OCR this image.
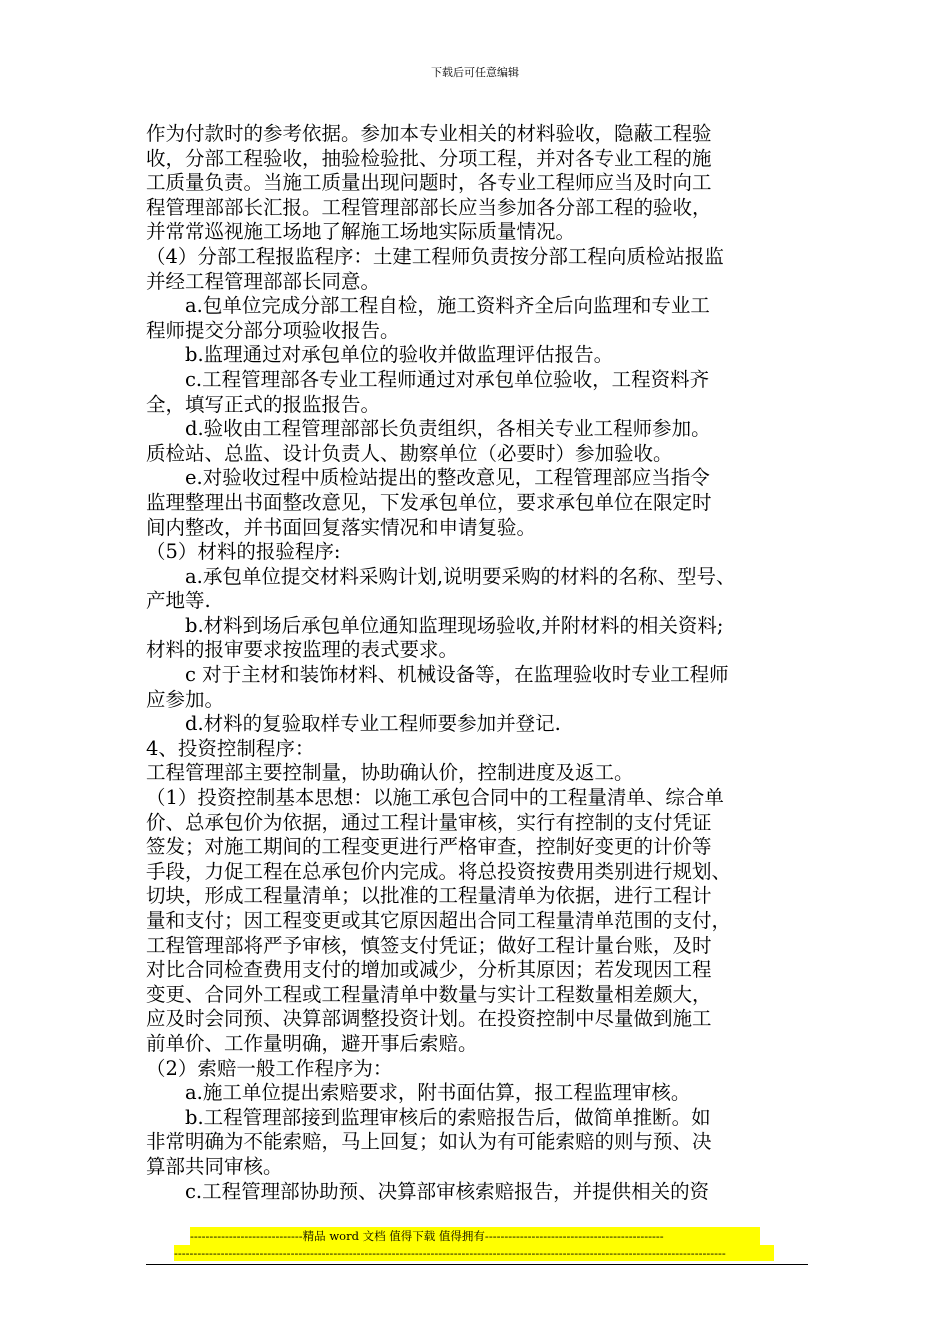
下载后可任意编辑

作为付款时的参考依据。参加本专业相关的材料验收，隐蔽工程验

收，分部工程验收，抽验检验批、分项工程，并对各专业工程的施

工质量负责。当施工质量出现问题时，各专业工程师应当及时向工

程管理部部长汇报。工程管理部部长应当参加各分部工程的验收，

并常常巡视施工场地了解施工场地实际质量情况。

（4）分部工程报监程序：土建工程师负责按分部工程向质检站报监

并经工程管理部部长同意。

a.包单位完成分部工程自检，施工资料齐全后向监理和专业工

程师提交分部分项验收报告。

b.监理通过对承包单位的验收并做监理评估报告。

c.工程管理部各专业工程师通过对承包单位验收，工程资料齐

全，填写正式的报监报告。

d.验收由工程管理部部长负责组织，各相关专业工程师参加。

质检站、总监、设计负责人、勘察单位（必要时）参加验收。

e.对验收过程中质检站提出的整改意见，工程管理部应当指令

监理整理出书面整改意见，下发承包单位，要求承包单位在限定时

间内整改，并书面回复落实情况和申请复验。

（5）材料的报验程序:

a.承包单位提交材料采购计划,说明要采购的材料的名称、型号、

产地等.

b.材料到场后承包单位通知监理现场验收,并附材料的相关资料;

材料的报审要求按监理的表式要求。

c 对于主材和装饰材料、机械设备等，在监理验收时专业工程师

应参加。

d.材料的复验取样专业工程师要参加并登记.

4、投资控制程序：

工程管理部主要控制量，协助确认价，控制进度及返工。

（1）投资控制基本思想：以施工承包合同中的工程量清单、综合单

价、总承包价为依据，通过工程计量审核，实行有控制的支付凭证

签发；对施工期间的工程变更进行严格审查，控制好变更的计价等

手段，力促工程在总承包价内完成。将总投资按费用类别进行规划、

切块，形成工程量清单；以批准的工程量清单为依据，进行工程计

量和支付；因工程变更或其它原因超出合同工程量清单范围的支付，

工程管理部将严予审核，慎签支付凭证；做好工程计量台账，及时

对比合同检查费用支付的增加或减少，分析其原因；若发现因工程

变更、合同外工程或工程量清单中数量与实计工程数量相差颇大，

应及时会同预、决算部调整投资计划。在投资控制中尽量做到施工

前单价、工作量明确，避开事后索赔。

（2）索赔一般工作程序为：

a.施工单位提出索赔要求，附书面估算，报工程监理审核。

b.工程管理部接到监理审核后的索赔报告后，做简单推断。如

非常明确为不能索赔，马上回复；如认为有可能索赔的则与预、决

算部共同审核。

c.工程管理部协助预、决算部审核索赔报告，并提供相关的资

-----------------------------精品 word 文档 值得下载 值得拥有----------------------------------------------
----------------------------------------------------------------------------------------------------------------------------------------------
